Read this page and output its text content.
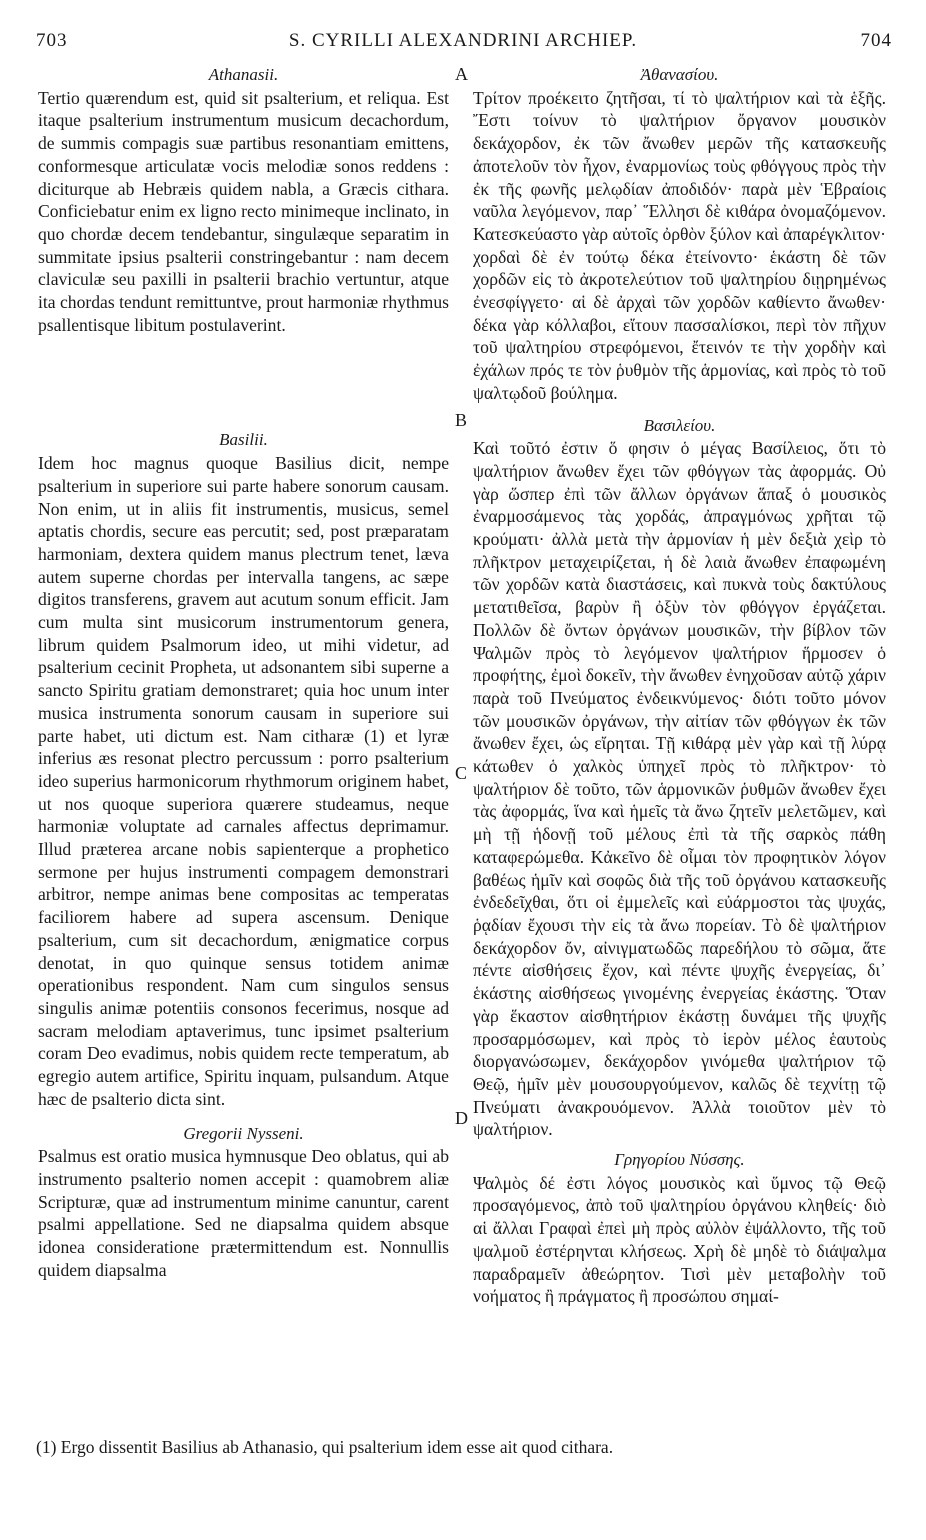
703	S. CYRILLI ALEXANDRINI ARCHIEP.	704
Athanasii.

Tertio quærendum est, quid sit psalterium, et reliqua. Est itaque psalterium instrumentum musicum decachordum, de summis compagis suæ partibus resonantiam emittens, conformesque articulatæ vocis melodiæ sonos reddens : diciturque ab Hebræis quidem nabla, a Græcis cithara. Conficiebatur enim ex ligno recto minimeque inclinato, in quo chordæ decem tendebantur, singulæque separatim in summitate ipsius psalterii constringebantur : nam decem claviculæ seu paxilli in psalterii brachio vertuntur, atque ita chordas tendunt remittuntve, prout harmoniæ rhythmus psallentisque libitum postulaverint.

Basilii.

Idem hoc magnus quoque Basilius dicit, nempe psalterium in superiore sui parte habere sonorum causam. Non enim, ut in aliis fit instrumentis, musicus, semel aptatis chordis, secure eas percutit; sed, post præparatam harmoniam, dextera quidem manus plectrum tenet, læva autem superne chordas per intervalla tangens, ac sæpe digitos transferens, gravem aut acutum sonum efficit. Jam cum multa sint musicorum instrumentorum genera, librum quidem Psalmorum ideo, ut mihi videtur, ad psalterium cecinit Propheta, ut adsonantem sibi superne a sancto Spiritu gratiam demonstraret; quia hoc unum inter musica instrumenta sonorum causam in superiore sui parte habet, uti dictum est. Nam citharæ (1) et lyræ inferius æs resonat plectro percussum : porro psalterium ideo superius harmonicorum rhythmorum originem habet, ut nos quoque superiora quærere studeamus, neque harmoniæ voluptate ad carnales affectus deprimamur. Illud præterea arcane nobis sapienterque a prophetico sermone per hujus instrumenti compagem demonstrari arbitror, nempe animas bene compositas ac temperatas faciliorem habere ad supera ascensum. Denique psalterium, cum sit decachordum, ænigmatice corpus denotat, in quo quinque sensus totidem animæ operationibus respondent. Nam cum singulos sensus singulis animæ potentiis consonos fecerimus, nosque ad sacram melodiam aptaverimus, tunc ipsimet psalterium coram Deo evadimus, nobis quidem recte temperatum, ab egregio autem artifice, Spiritu inquam, pulsandum. Atque hæc de psalterio dicta sint.

Gregorii Nysseni.

Psalmus est oratio musica hymnusque Deo oblatus, qui ab instrumento psalterio nomen accepit : quamobrem aliæ Scripturæ, quæ ad instrumentum minime canuntur, carent psalmi appellatione. Sed ne diapsalma quidem absque idonea consideratione prætermittendum est. Nonnullis quidem diapsalma

Ἀθανασίου.

Τρίτον προέκειτο ζητῆσαι, τί τὸ ψαλτήριον καὶ τὰ ἑξῆς. Ἔστι τοίνυν τὸ ψαλτήριον ὄργανον μουσικὸν δεκάχορδον, ἐκ τῶν ἄνωθεν μερῶν τῆς κατασκευῆς ἀποτελοῦν τὸν ἦχον, ἐναρμονίως τοὺς φθόγγους πρὸς τὴν ἐκ τῆς φωνῆς μελῳδίαν ἀποδιδόν· παρὰ μὲν Ἑβραίοις ναῦλα λεγόμενον, παρ᾽ Ἕλλησι δὲ κιθάρα ὀνομαζόμενον. Κατεσκεύαστο γὰρ αὐτοῖς ὀρθὸν ξύλον καὶ ἀπαρέγκλιτον· χορδαὶ δὲ ἐν τούτῳ δέκα ἐτείνοντο· ἑκάστη δὲ τῶν χορδῶν εἰς τὸ ἀκροτελεύτιον τοῦ ψαλτηρίου διῃρημένως ἐνεσφίγγετο· αἱ δὲ ἀρχαὶ τῶν χορδῶν καθίεντο ἄνωθεν· δέκα γὰρ κόλλαβοι, εἴτουν πασσαλίσκοι, περὶ τὸν πῆχυν τοῦ ψαλτηρίου στρεφόμενοι, ἔτεινόν τε τὴν χορδὴν καὶ ἐχάλων πρός τε τὸν ῥυθμὸν τῆς ἁρμονίας, καὶ πρὸς τὸ τοῦ ψαλτῳδοῦ βούλημα.

Βασιλείου.

Καὶ τοῦτό ἐστιν ὅ φησιν ὁ μέγας Βασίλειος, ὅτι τὸ ψαλτήριον ἄνωθεν ἔχει τῶν φθόγγων τὰς ἀφορμάς. Οὐ γὰρ ὥσπερ ἐπὶ τῶν ἄλλων ὀργάνων ἅπαξ ὁ μουσικὸς ἐναρμοσάμενος τὰς χορδάς, ἀπραγμόνως χρῆται τῷ κρούματι· ἀλλὰ μετὰ τὴν ἁρμονίαν ἡ μὲν δεξιὰ χεὶρ τὸ πλῆκτρον μεταχειρίζεται, ἡ δὲ λαιὰ ἄνωθεν ἐπαφωμένη τῶν χορδῶν κατὰ διαστάσεις, καὶ πυκνὰ τοὺς δακτύλους μετατιθεῖσα, βαρὺν ἢ ὀξὺν τὸν φθόγγον ἐργάζεται. Πολλῶν δὲ ὄντων ὀργάνων μουσικῶν, τὴν βίβλον τῶν Ψαλμῶν πρὸς τὸ λεγόμενον ψαλτήριον ἥρμοσεν ὁ προφήτης, ἐμοὶ δοκεῖν, τὴν ἄνωθεν ἐνηχοῦσαν αὐτῷ χάριν παρὰ τοῦ Πνεύματος ἐνδεικνύμενος· διότι τοῦτο μόνον τῶν μουσικῶν ὀργάνων, τὴν αἰτίαν τῶν φθόγγων ἐκ τῶν ἄνωθεν ἔχει, ὡς εἴρηται. Τῇ κιθάρᾳ μὲν γὰρ καὶ τῇ λύρᾳ κάτωθεν ὁ χαλκὸς ὑπηχεῖ πρὸς τὸ πλῆκτρον· τὸ ψαλτήριον δὲ τοῦτο, τῶν ἁρμονικῶν ῥυθμῶν ἄνωθεν ἔχει τὰς ἀφορμάς, ἵνα καὶ ἡμεῖς τὰ ἄνω ζητεῖν μελετῶμεν, καὶ μὴ τῇ ἡδονῇ τοῦ μέλους ἐπὶ τὰ τῆς σαρκὸς πάθη καταφερώμεθα. Κἀκεῖνο δὲ οἶμαι τὸν προφητικὸν λόγον βαθέως ἡμῖν καὶ σοφῶς διὰ τῆς τοῦ ὀργάνου κατασκευῆς ἐνδεδεῖχθαι, ὅτι οἱ ἐμμελεῖς καὶ εὐάρμοστοι τὰς ψυχάς, ῥᾳδίαν ἔχουσι τὴν εἰς τὰ ἄνω πορείαν. Τὸ δὲ ψαλτήριον δεκάχορδον ὄν, αἰνιγματωδῶς παρεδήλου τὸ σῶμα, ἅτε πέντε αἰσθήσεις ἔχον, καὶ πέντε ψυχῆς ἐνεργείας, δι᾽ ἑκάστης αἰσθήσεως γινομένης ἐνεργείας ἑκάστης. Ὅταν γὰρ ἕκαστον αἰσθητήριον ἑκάστῃ δυνάμει τῆς ψυχῆς προσαρμόσωμεν, καὶ πρὸς τὸ ἱερὸν μέλος ἑαυτοὺς διοργανώσωμεν, δεκάχορδον γινόμεθα ψαλτήριον τῷ Θεῷ, ἡμῖν μὲν μουσουργούμενον, καλῶς δὲ τεχνίτῃ τῷ Πνεύματι ἀνακρουόμενον. Ἀλλὰ τοιοῦτον μὲν τὸ ψαλτήριον.

Γρηγορίου Νύσσης.

Ψαλμὸς δέ ἐστι λόγος μουσικὸς καὶ ὕμνος τῷ Θεῷ προσαγόμενος, ἀπὸ τοῦ ψαλτηρίου ὀργάνου κληθείς· διὸ αἱ ἄλλαι Γραφαὶ ἐπεὶ μὴ πρὸς αὐλὸν ἐψάλλοντο, τῆς τοῦ ψαλμοῦ ἐστέρηνται κλήσεως. Χρὴ δὲ μηδὲ τὸ διάψαλμα παραδραμεῖν ἀθεώρητον. Τισὶ μὲν μεταβολὴν τοῦ νοήματος ἢ πράγματος ἢ προσώπου σημαί-

A
B
C
D
(1) Ergo dissentit Basilius ab Athanasio, qui psalterium idem esse ait quod cithara.
